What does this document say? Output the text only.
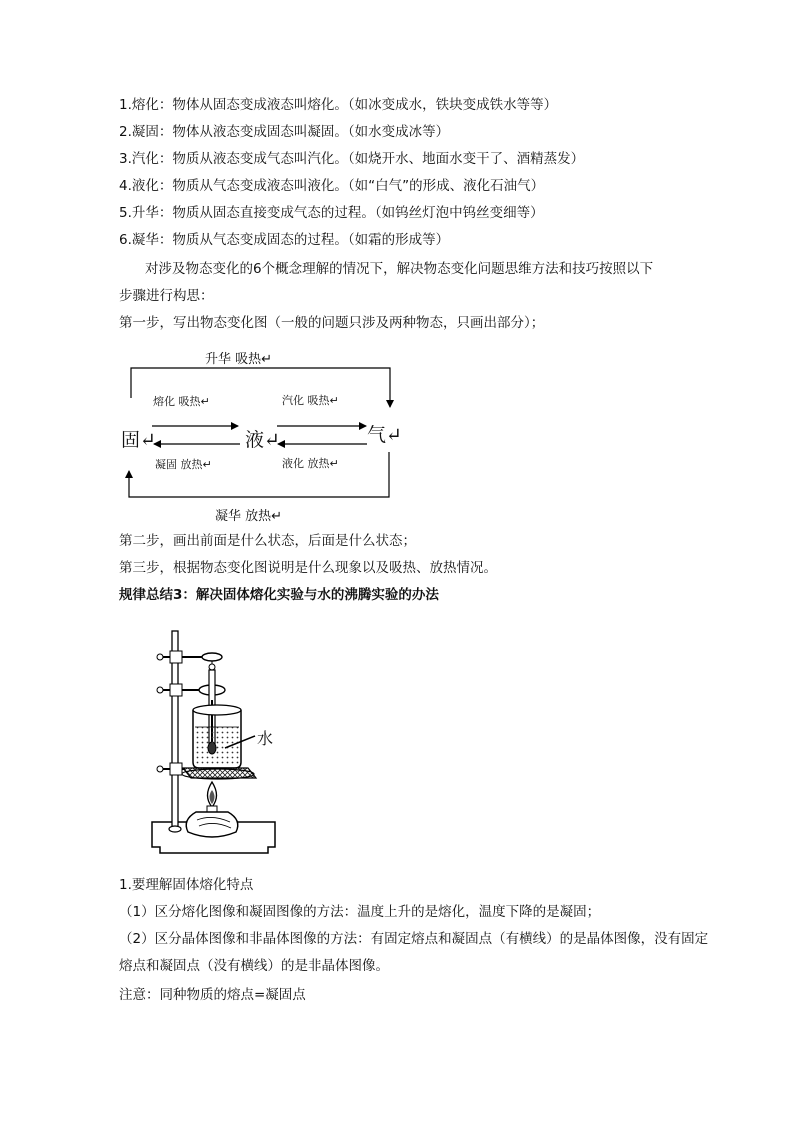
1.熔化：物体从固态变成液态叫熔化。（如冰变成水，铁块变成铁水等等）
2.凝固：物体从液态变成固态叫凝固。（如水变成冰等）
3.汽化：物质从液态变成气态叫汽化。（如烧开水、地面水变干了、酒精蒸发）
4.液化：物质从气态变成液态叫液化。（如“白气”的形成、液化石油气）
5.升华：物质从固态直接变成气态的过程。（如钨丝灯泡中钨丝变细等）
6.凝华：物质从气态变成固态的过程。（如霜的形成等）
对涉及物态变化的6个概念理解的情况下，解决物态变化问题思维方法和技巧按照以下
步骤进行构思：
第一步，写出物态变化图（一般的问题只涉及两种物态，只画出部分）；
升华 吸热↵
凝华 放热↵
固↵	液↵	气↵
熔化 吸热↵
凝固 放热↵
汽化 吸热↵
液化 放热↵
第二步，画出前面是什么状态，后面是什么状态；
第三步，根据物态变化图说明是什么现象以及吸热、放热情况。
规律总结3：解决固体熔化实验与水的沸腾实验的办法
水
1.要理解固体熔化特点
（1）区分熔化图像和凝固图像的方法：温度上升的是熔化，温度下降的是凝固；
（2）区分晶体图像和非晶体图像的方法：有固定熔点和凝固点（有横线）的是晶体图像，没有固定
熔点和凝固点（没有横线）的是非晶体图像。
注意：同种物质的熔点=凝固点
